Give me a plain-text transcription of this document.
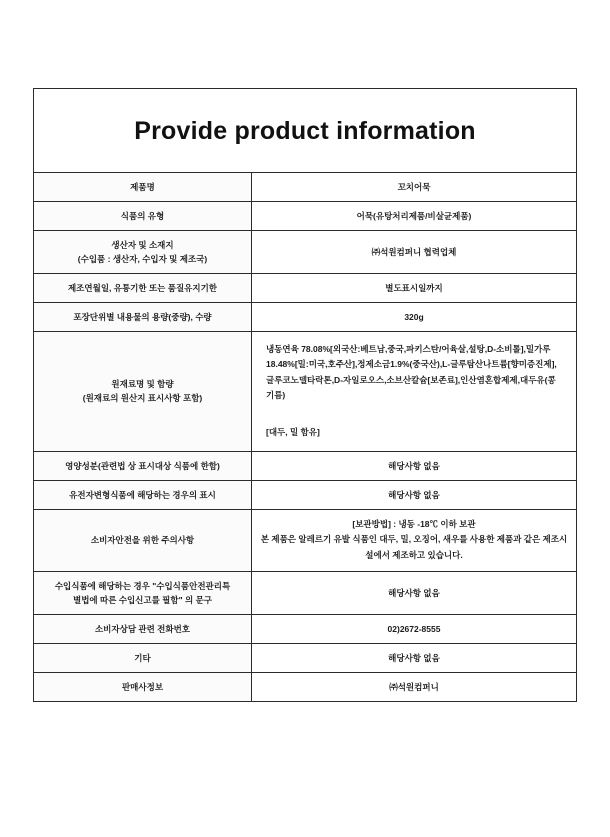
Provide product information
제품명	꼬치어묵

식품의 유형	어묵(유탕처리제품/비살균제품)

생산자 및 소재지
(수입품 : 생산자, 수입자 및 제조국)	㈜석원컴퍼니 협력업체

제조연월일, 유통기한 또는 품질유지기한	별도표시일까지

포장단위별 내용물의 용량(중량), 수량	320g

원재료명 및 함량
(원재료의 원산지 표시사항 포함)	냉동연육 78.08%[외국산:베트남,중국,파키스탄/어육살,설탕,D-소비톨],밀가루 18.48%[밀:미국,호주산],정제소금1.9%(중국산),L-글루탐산나트륨[향미증진제],글루코노델타락톤,D-자일로오스,소브산칼슘[보존료],인산염혼합제제,대두유(콩기름)
[대두, 밀 함유]

영양성분(관련법 상 표시대상 식품에 한함)	해당사항 없음

유전자변형식품에 해당하는 경우의 표시	해당사항 없음

소비자안전을 위한 주의사항	[보관방법] : 냉동 -18℃ 이하 보관
본 제품은 알레르기 유발 식품인 대두, 밀, 오징어, 새우를 사용한 제품과 같은 제조시설에서 제조하고 있습니다.

수입식품에 해당하는 경우 "수입식품안전관리특
별법에 따른 수입신고를 필함" 의 문구	해당사항 없음

소비자상담 관련 전화번호	02)2672-8555

기타	해당사항 없음

판매사정보	㈜석원컴퍼니
